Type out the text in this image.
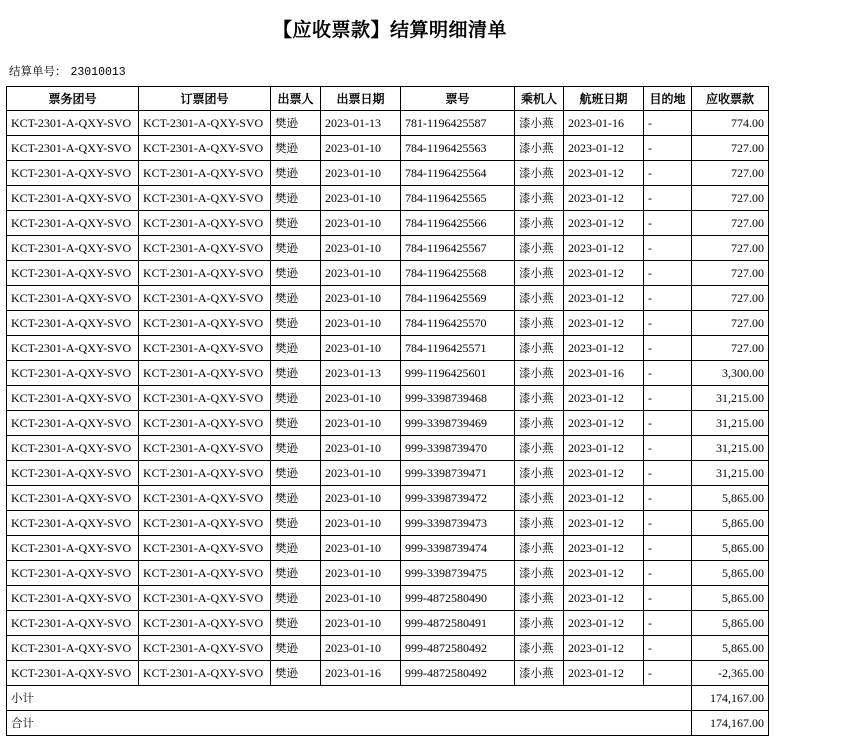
【应收票款】结算明细清单
结算单号： 23010013
票务团号	订票团号	出票人	出票日期	票号	乘机人	航班日期	目的地	应收票款
KCT-2301-A-QXY-SVO	KCT-2301-A-QXY-SVO	樊逊	2023-01-13	781-1196425587	漆小燕	2023-01-16	-	774.00
KCT-2301-A-QXY-SVO	KCT-2301-A-QXY-SVO	樊逊	2023-01-10	784-1196425563	漆小燕	2023-01-12	-	727.00
KCT-2301-A-QXY-SVO	KCT-2301-A-QXY-SVO	樊逊	2023-01-10	784-1196425564	漆小燕	2023-01-12	-	727.00
KCT-2301-A-QXY-SVO	KCT-2301-A-QXY-SVO	樊逊	2023-01-10	784-1196425565	漆小燕	2023-01-12	-	727.00
KCT-2301-A-QXY-SVO	KCT-2301-A-QXY-SVO	樊逊	2023-01-10	784-1196425566	漆小燕	2023-01-12	-	727.00
KCT-2301-A-QXY-SVO	KCT-2301-A-QXY-SVO	樊逊	2023-01-10	784-1196425567	漆小燕	2023-01-12	-	727.00
KCT-2301-A-QXY-SVO	KCT-2301-A-QXY-SVO	樊逊	2023-01-10	784-1196425568	漆小燕	2023-01-12	-	727.00
KCT-2301-A-QXY-SVO	KCT-2301-A-QXY-SVO	樊逊	2023-01-10	784-1196425569	漆小燕	2023-01-12	-	727.00
KCT-2301-A-QXY-SVO	KCT-2301-A-QXY-SVO	樊逊	2023-01-10	784-1196425570	漆小燕	2023-01-12	-	727.00
KCT-2301-A-QXY-SVO	KCT-2301-A-QXY-SVO	樊逊	2023-01-10	784-1196425571	漆小燕	2023-01-12	-	727.00
KCT-2301-A-QXY-SVO	KCT-2301-A-QXY-SVO	樊逊	2023-01-13	999-1196425601	漆小燕	2023-01-16	-	3,300.00
KCT-2301-A-QXY-SVO	KCT-2301-A-QXY-SVO	樊逊	2023-01-10	999-3398739468	漆小燕	2023-01-12	-	31,215.00
KCT-2301-A-QXY-SVO	KCT-2301-A-QXY-SVO	樊逊	2023-01-10	999-3398739469	漆小燕	2023-01-12	-	31,215.00
KCT-2301-A-QXY-SVO	KCT-2301-A-QXY-SVO	樊逊	2023-01-10	999-3398739470	漆小燕	2023-01-12	-	31,215.00
KCT-2301-A-QXY-SVO	KCT-2301-A-QXY-SVO	樊逊	2023-01-10	999-3398739471	漆小燕	2023-01-12	-	31,215.00
KCT-2301-A-QXY-SVO	KCT-2301-A-QXY-SVO	樊逊	2023-01-10	999-3398739472	漆小燕	2023-01-12	-	5,865.00
KCT-2301-A-QXY-SVO	KCT-2301-A-QXY-SVO	樊逊	2023-01-10	999-3398739473	漆小燕	2023-01-12	-	5,865.00
KCT-2301-A-QXY-SVO	KCT-2301-A-QXY-SVO	樊逊	2023-01-10	999-3398739474	漆小燕	2023-01-12	-	5,865.00
KCT-2301-A-QXY-SVO	KCT-2301-A-QXY-SVO	樊逊	2023-01-10	999-3398739475	漆小燕	2023-01-12	-	5,865.00
KCT-2301-A-QXY-SVO	KCT-2301-A-QXY-SVO	樊逊	2023-01-10	999-4872580490	漆小燕	2023-01-12	-	5,865.00
KCT-2301-A-QXY-SVO	KCT-2301-A-QXY-SVO	樊逊	2023-01-10	999-4872580491	漆小燕	2023-01-12	-	5,865.00
KCT-2301-A-QXY-SVO	KCT-2301-A-QXY-SVO	樊逊	2023-01-10	999-4872580492	漆小燕	2023-01-12	-	5,865.00
KCT-2301-A-QXY-SVO	KCT-2301-A-QXY-SVO	樊逊	2023-01-16	999-4872580492	漆小燕	2023-01-12	-	-2,365.00
小计								174,167.00
合计								174,167.00
